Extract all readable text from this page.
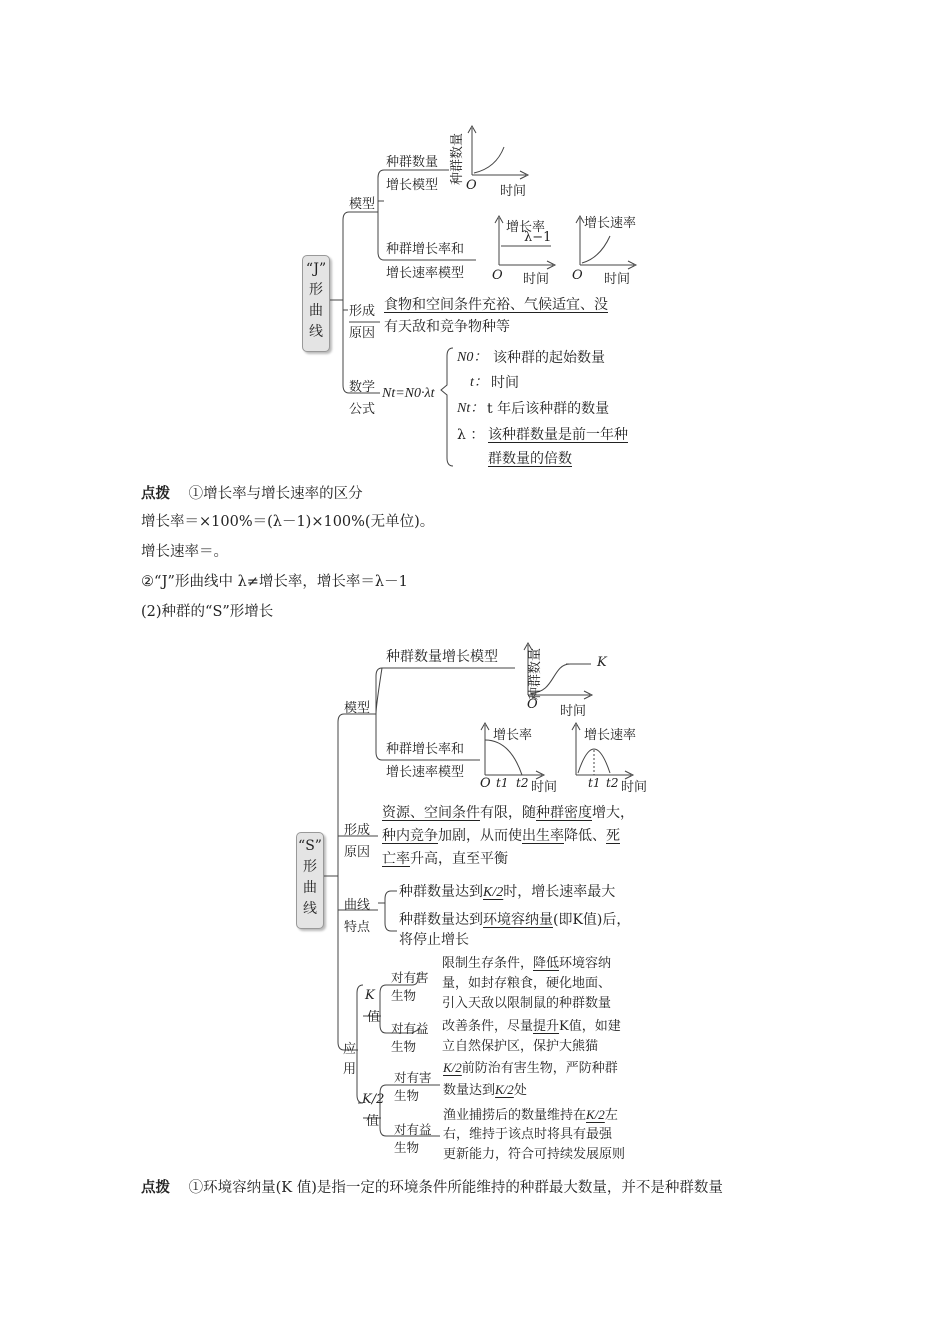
“J”
形
曲
线
模型
种群数量
增长模型
种群增长率和
增长速率模型
种群数量
O 时间
增长率
λ−1
O 时间
增长速率
O 时间
形成
原因
食物和空间条件充裕、气候适宜、没
有天敌和竞争物种等
数学
公式
Nt=N0·λt
N0： 该种群的起始数量
t： 时间
Nt： t 年后该种群的数量
λ ： 该种群数量是前一年种
群数量的倍数
点拨 ①增长率与增长速率的区分
增长率＝×100%＝(λ－1)×100%(无单位)。
增长速率＝。
②“J”形曲线中 λ≠增长率，增长率＝λ－1
(2)种群的“S”形增长
“S”
形
曲
线
模型
种群数量增长模型
种群增长率和
增长速率模型
种群数量	K
O 时间
增长率
O t1 t2 时间
增长速率
t1 t2 时间
形成
原因
资源、空间条件有限，随种群密度增大，
种内竞争加剧，从而使出生率降低、死
亡率升高，直至平衡
曲线
特点
种群数量达到K/2时，增长速率最大
种群数量达到环境容纳量(即K值)后，
将停止增长
应
用
K
值
对有害
生物
限制生存条件，降低环境容纳
量，如封存粮食，硬化地面、
引入天敌以限制鼠的种群数量
对有益
生物
改善条件，尽量提升K值，如建
立自然保护区，保护大熊猫
K/2
值
对有害
生物
K/2前防治有害生物，严防种群
数量达到K/2处
对有益
生物
渔业捕捞后的数量维持在K/2左
右，维持于该点时将具有最强
更新能力，符合可持续发展原则
点拨 ①环境容纳量(K 值)是指一定的环境条件所能维持的种群最大数量，并不是种群数量
